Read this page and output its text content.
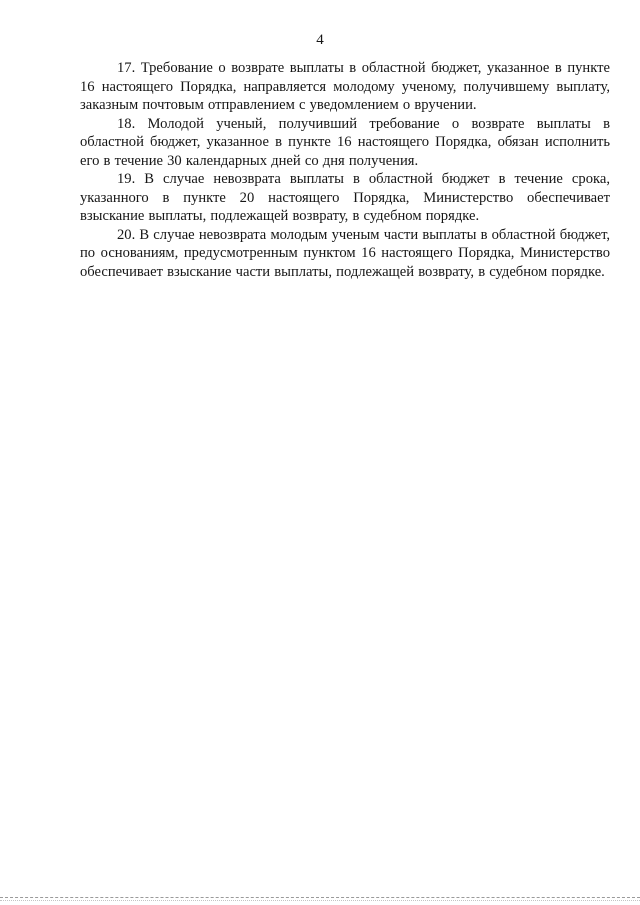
4

17. Требование о возврате выплаты в областной бюджет, указанное в пункте 16 настоящего Порядка, направляется молодому ученому, получившему выплату, заказным почтовым отправлением с уведомлением о вручении.

18. Молодой ученый, получивший требование о возврате выплаты в областной бюджет, указанное в пункте 16 настоящего Порядка, обязан исполнить его в течение 30 календарных дней со дня получения.

19. В случае невозврата выплаты в областной бюджет в течение срока, указанного в пункте 20 настоящего Порядка, Министерство обеспечивает взыскание выплаты, подлежащей возврату, в судебном порядке.

20. В случае невозврата молодым ученым части выплаты в областной бюджет, по основаниям, предусмотренным пунктом 16 настоящего Порядка, Министерство обеспечивает взыскание части выплаты, подлежащей возврату, в судебном порядке.
